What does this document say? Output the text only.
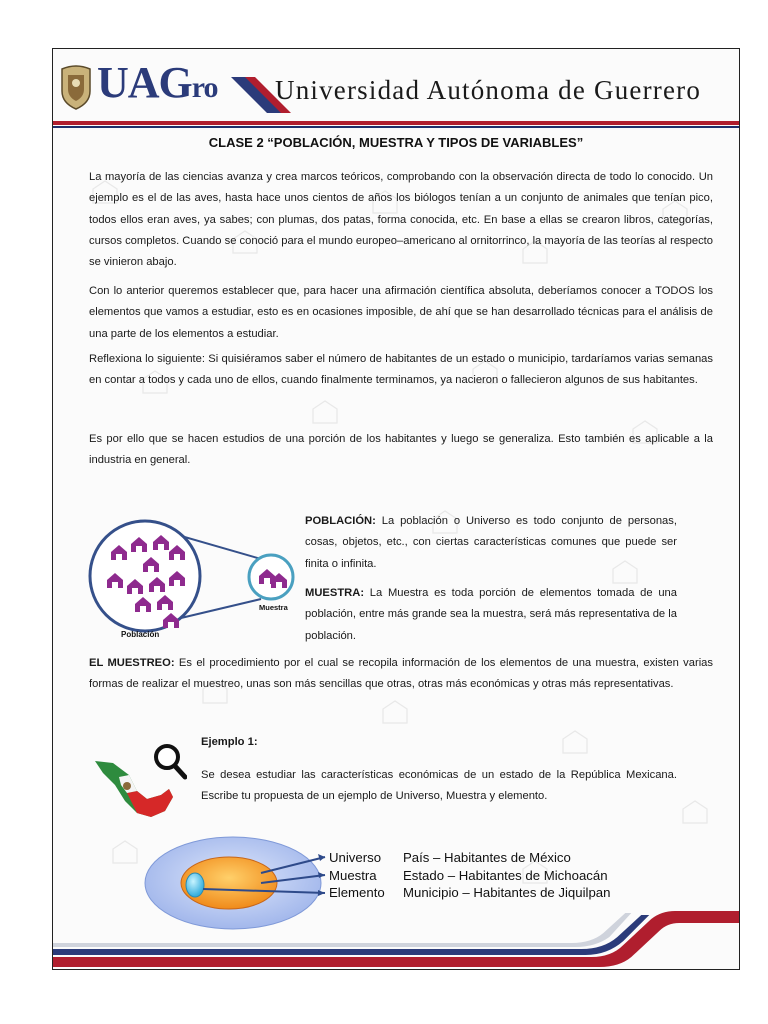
UAGro Universidad Autónoma de Guerrero
CLASE 2 “POBLACIÓN, MUESTRA Y TIPOS DE VARIABLES”

La mayoría de las ciencias avanza y crea marcos teóricos, comprobando con la observación directa de todo lo conocido. Un ejemplo es el de las aves, hasta hace unos cientos de años los biólogos tenían a un conjunto de animales que tenían pico, todos ellos eran aves, ya sabes; con plumas, dos patas, forma conocida, etc. En base a ellas se crearon libros, categorías, cursos completos. Cuando se conoció para el mundo europeo–americano al ornitorrinco, la mayoría de las teorías al respecto se vinieron abajo.

Con lo anterior queremos establecer que, para hacer una afirmación científica absoluta, deberíamos conocer a TODOS los elementos que vamos a estudiar, esto es en ocasiones imposible, de ahí que se han desarrollado técnicas para el análisis de una parte de los elementos a estudiar.

Reflexiona lo siguiente: Si quisiéramos saber el número de habitantes de un estado o municipio, tardaríamos varias semanas en contar a todos y cada uno de ellos, cuando finalmente terminamos, ya nacieron o fallecieron algunos de sus habitantes.

Es por ello que se hacen estudios de una porción de los habitantes y luego se generaliza. Esto también es aplicable a la industria en general.

Población
Muestra

POBLACIÓN: La población o Universo es todo conjunto de personas, cosas, objetos, etc., con ciertas características comunes que puede ser finita o infinita.

MUESTRA: La Muestra es toda porción de elementos tomada de una población, entre más grande sea la muestra, será más representativa de la población.

EL MUESTREO: Es el procedimiento por el cual se recopila información de los elementos de una muestra, existen varias formas de realizar el muestreo, unas son más sencillas que otras, otras más económicas y otras más representativas.

Ejemplo 1:

Se desea estudiar las características económicas de un estado de la República Mexicana. Escribe tu propuesta de un ejemplo de Universo, Muestra y elemento.

Universo
Muestra
Elemento
País – Habitantes de México
Estado – Habitantes de Michoacán
Municipio – Habitantes de Jiquilpan
